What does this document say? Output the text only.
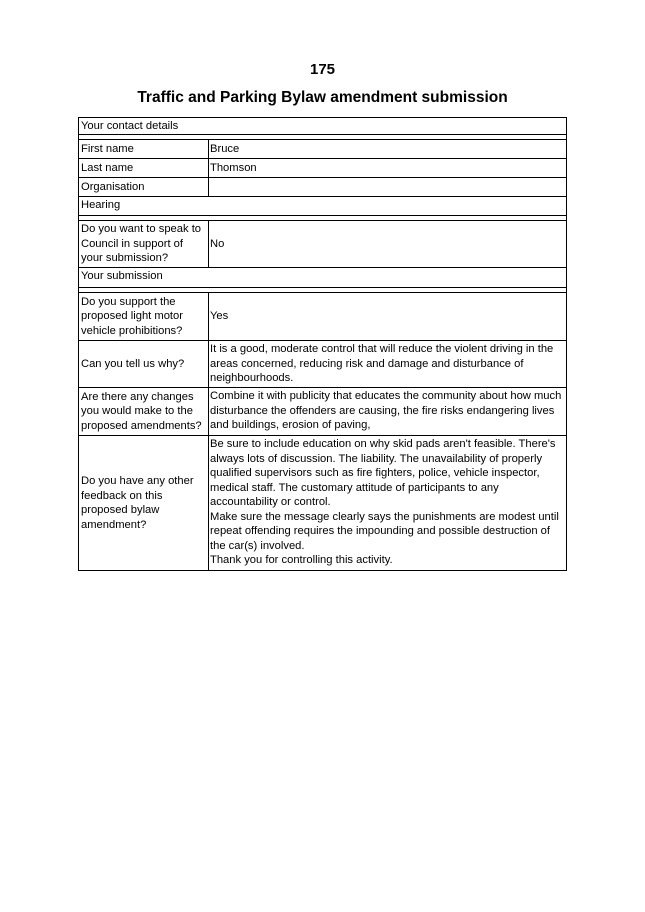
175
Traffic and Parking Bylaw amendment submission
Your contact details
First name	Bruce
Last name	Thomson
Organisation
Hearing

Do you want to speak to Council in support of your submission?

No
Your submission

Do you support the proposed light motor vehicle prohibitions?

Yes

Can you tell us why?

It is a good, moderate control that will reduce the violent driving in the areas concerned, reducing risk and damage and disturbance of neighbourhoods.

Are there any changes you would make to the proposed amendments?

Combine it with publicity that educates the community about how much disturbance the offenders are causing, the fire risks endangering lives and buildings, erosion of paving,

Do you have any other feedback on this proposed bylaw amendment?

Be sure to include education on why skid pads aren't feasible. There's always lots of discussion. The liability. The unavailability of properly qualified supervisors such as fire fighters, police, vehicle inspector, medical staff. The customary attitude of participants to any accountability or control.
Make sure the message clearly says the punishments are modest until repeat offending requires the impounding and possible destruction of the car(s) involved.
Thank you for controlling this activity.
